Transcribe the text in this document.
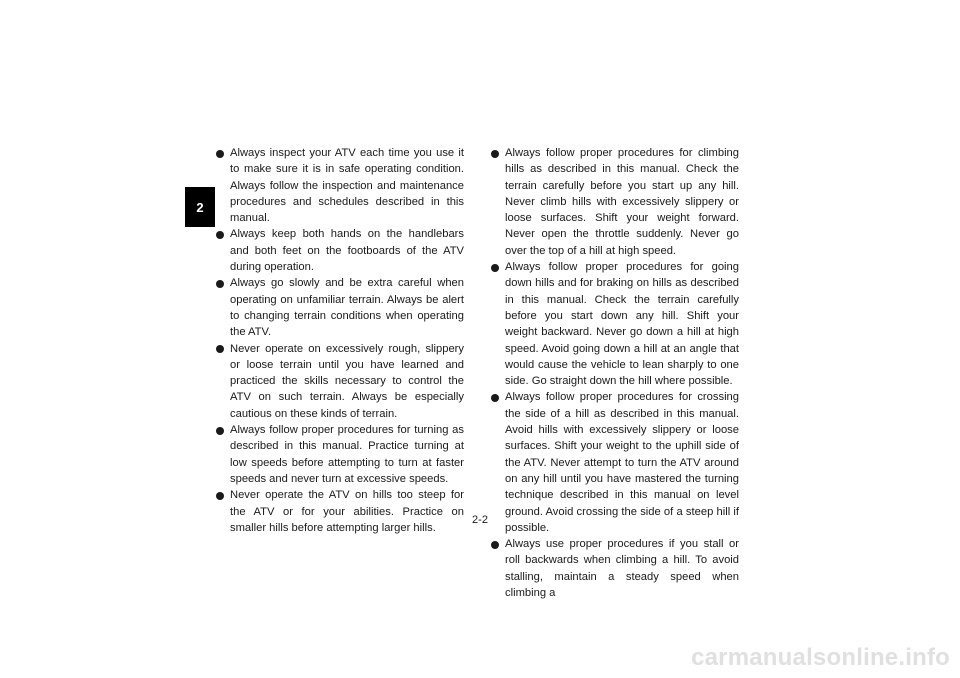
2
Always inspect your ATV each time you use it to make sure it is in safe operating condition. Always follow the inspection and maintenance procedures and schedules described in this manual.
Always keep both hands on the handlebars and both feet on the footboards of the ATV during operation.
Always go slowly and be extra careful when operating on unfamiliar terrain. Always be alert to changing terrain conditions when operating the ATV.
Never operate on excessively rough, slippery or loose terrain until you have learned and practiced the skills necessary to control the ATV on such terrain. Always be especially cautious on these kinds of terrain.
Always follow proper procedures for turning as described in this manual. Practice turning at low speeds before attempting to turn at faster speeds and never turn at excessive speeds.
Never operate the ATV on hills too steep for the ATV or for your abilities. Practice on smaller hills before attempting larger hills.
Always follow proper procedures for climbing hills as described in this manual. Check the terrain carefully before you start up any hill. Never climb hills with excessively slippery or loose surfaces. Shift your weight forward. Never open the throttle suddenly. Never go over the top of a hill at high speed.
Always follow proper procedures for going down hills and for braking on hills as described in this manual. Check the terrain carefully before you start down any hill. Shift your weight backward. Never go down a hill at high speed. Avoid going down a hill at an angle that would cause the vehicle to lean sharply to one side. Go straight down the hill where possible.
Always follow proper procedures for crossing the side of a hill as described in this manual. Avoid hills with excessively slippery or loose surfaces. Shift your weight to the uphill side of the ATV. Never attempt to turn the ATV around on any hill until you have mastered the turning technique described in this manual on level ground. Avoid crossing the side of a steep hill if possible.
Always use proper procedures if you stall or roll backwards when climbing a hill. To avoid stalling, maintain a steady speed when climbing a
2-2
carmanualsonline.info
